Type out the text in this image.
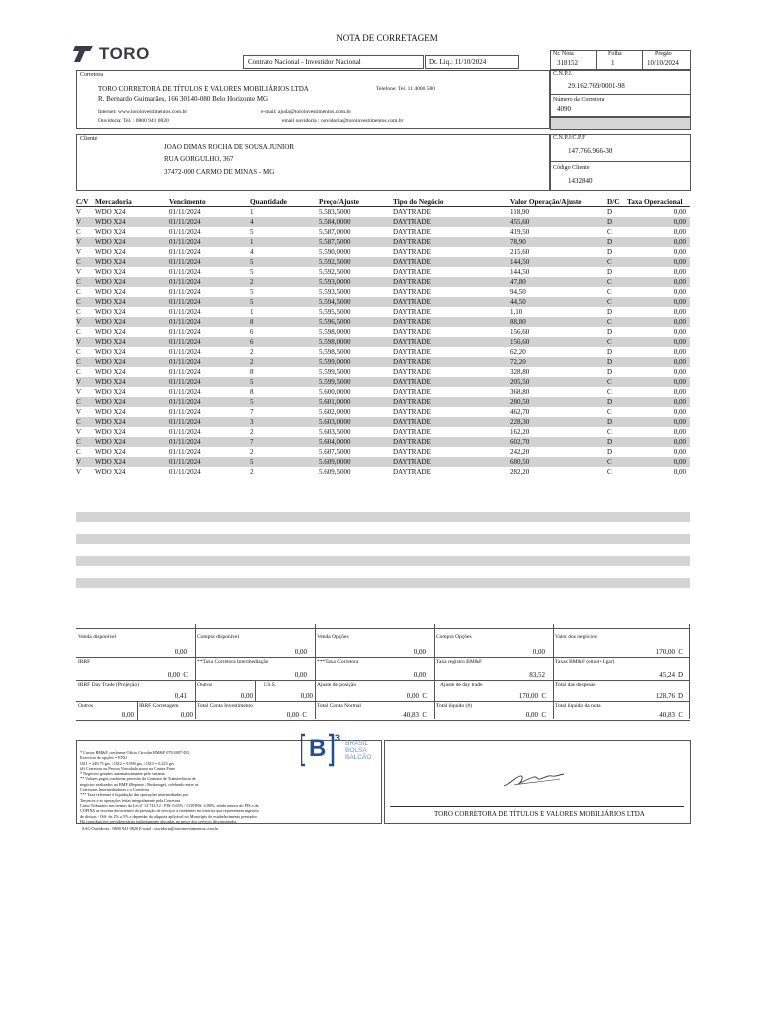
NOTA DE CORRETAGEM
TORO	Contrato Nacional - Investidor Nacional	Dt. Liq.: 11/10/2024
Nr. Nota
318152
Folha
1
Pregão
10/10/2024
Corretora
TORO CORRETORA DE TÍTULOS E VALORES MOBILIÁRIOS LTDA	Telefone: Tel. 11 4000 580
R. Bernardo Guimarães, 166 30140-080 Belo Horizonte MG
Internet: www.toroinvestimentos.com.br	e-mail: ajuda@toroinvestimentos.com.br
Ouvidoria: Tel. : 0800 941 0820	email ouvidoria : ouvidoria@toroinvestimentos.com.br
C.N.P.J.
29.162.769/0001-98
Número da Corretora
4090
Cliente
JOAO DIMAS ROCHA DE SOUSA JUNIOR
RUA GORGULHO, 367
37472-000 CARMO DE MINAS - MG
C.N.P.J/C.P.F
147.766.966-30
Código Cliente
1432840
C/V	Mercadoria	Vencimento	Quantidade	Preço/Ajuste	Tipo do Negócio	Valor Operação/Ajuste	D/C	Taxa Operacional
V	WDO X24	01/11/2024	1	5.583,5000	DAYTRADE	118,90	D	0,00
V	WDO X24	01/11/2024	4	5.584,0000	DAYTRADE	455,60	D	0,00
C	WDO X24	01/11/2024	5	5.587,0000	DAYTRADE	419,50	C	0,00
V	WDO X24	01/11/2024	1	5.587,5000	DAYTRADE	78,90	D	0,00
V	WDO X24	01/11/2024	4	5.590,0000	DAYTRADE	215,60	D	0,00
C	WDO X24	01/11/2024	5	5.592,5000	DAYTRADE	144,50	C	0,00
V	WDO X24	01/11/2024	5	5.592,5000	DAYTRADE	144,50	D	0,00
C	WDO X24	01/11/2024	2	5.593,0000	DAYTRADE	47,80	C	0,00
C	WDO X24	01/11/2024	5	5.593,5000	DAYTRADE	94,50	C	0,00
C	WDO X24	01/11/2024	5	5.594,5000	DAYTRADE	44,50	C	0,00
C	WDO X24	01/11/2024	1	5.595,5000	DAYTRADE	1,10	D	0,00
V	WDO X24	01/11/2024	8	5.596,5000	DAYTRADE	88,80	C	0,00
C	WDO X24	01/11/2024	6	5.598,0000	DAYTRADE	156,60	D	0,00
V	WDO X24	01/11/2024	6	5.598,0000	DAYTRADE	156,60	C	0,00
C	WDO X24	01/11/2024	2	5.598,5000	DAYTRADE	62,20	D	0,00
C	WDO X24	01/11/2024	2	5.599,0000	DAYTRADE	72,20	D	0,00
C	WDO X24	01/11/2024	8	5.599,5000	DAYTRADE	328,80	D	0,00
V	WDO X24	01/11/2024	5	5.599,5000	DAYTRADE	205,50	C	0,00
V	WDO X24	01/11/2024	8	5.600,0000	DAYTRADE	368,80	C	0,00
C	WDO X24	01/11/2024	5	5.601,0000	DAYTRADE	280,50	D	0,00
V	WDO X24	01/11/2024	7	5.602,0000	DAYTRADE	462,70	C	0,00
C	WDO X24	01/11/2024	3	5.603,0000	DAYTRADE	228,30	D	0,00
V	WDO X24	01/11/2024	2	5.603,5000	DAYTRADE	162,20	C	0,00
C	WDO X24	01/11/2024	7	5.604,0000	DAYTRADE	602,70	D	0,00
C	WDO X24	01/11/2024	2	5.607,5000	DAYTRADE	242,20	D	0,00
V	WDO X24	01/11/2024	5	5.609,0000	DAYTRADE	680,50	C	0,00
V	WDO X24	01/11/2024	2	5.609,5000	DAYTRADE	282,20	C	0,00
Venda disponível
0,00
Compra disponível
0,00
Venda Opções
0,00
Compra Opções
0,00
Valor dos negócios
170,00 C
IRRF
0,00 C
**Taxa Corretora Intermediação
0,00
***Taxa Corretora
0,00
Taxa registro BM&F
83,52
Taxas BM&F (emol+f.gar)
45,24 D
IRRF Day Trade (Projeção)
0,41
Outros
0,00
I.S.S.
0,00
Ajuste de posição
0,00 C
Ajuste de day trade
170,00 C
Total das despesas
128,76 D
Outros
0,00
IRRF Corretagem
0,00
Total Conta Investimento
0,00 C
Total Conta Normal
40,83 C
Total líquido (#)
0,00 C
Total líquido da nota
40,83 C
B 3
BRASIL
BOLSA
BALCÃO
* Custos BM&F, conforme Ofício Circular BM&F 079/2007-DG
Exercício de opções = ENO
OZ1 = 249,75 grs. / OZ2 = 9,990 grs. / OZ3 = 0,225 grs.
(#) Corretora ou Pessoa Vinculada atuou na Contra Parte
* Negócios gerados automaticamente pelo sistema
** Valores pagos conforme previsão do Contrato de Transferência de
negócios realizados na BMF (Repasse / Brokerage), celebrado entre as
Corretoras Intermediadoras e a Corretora
*** Taxa referente à liquidação das operações intermediadas por
Terceiros e as operações feitas integralmente pela Corretora
Custo Tributário nos termos da Lei nº 12.741/12 : PIS: 0,65% / COFINS: 4,00%, sendo menos do PIS e da
COFINS as receitas decorrentes da prestação de serviços a residentes no exterior que representem ingresso
de divisas - ISS: de 2% a 5% a depender da alíquota aplicável no Município de estabelecimento prestador
Há contribuições previdenciárias indiretamente alocadas no preço dos serviços discriminados.
TORO CORRETORA DE TÍTULOS E VALORES MOBILIÁRIOS LTDA
SAC/Ouvidoria : 0800 941 0820 E-mail : ouvidoria@toroinvestimentos.com.br
